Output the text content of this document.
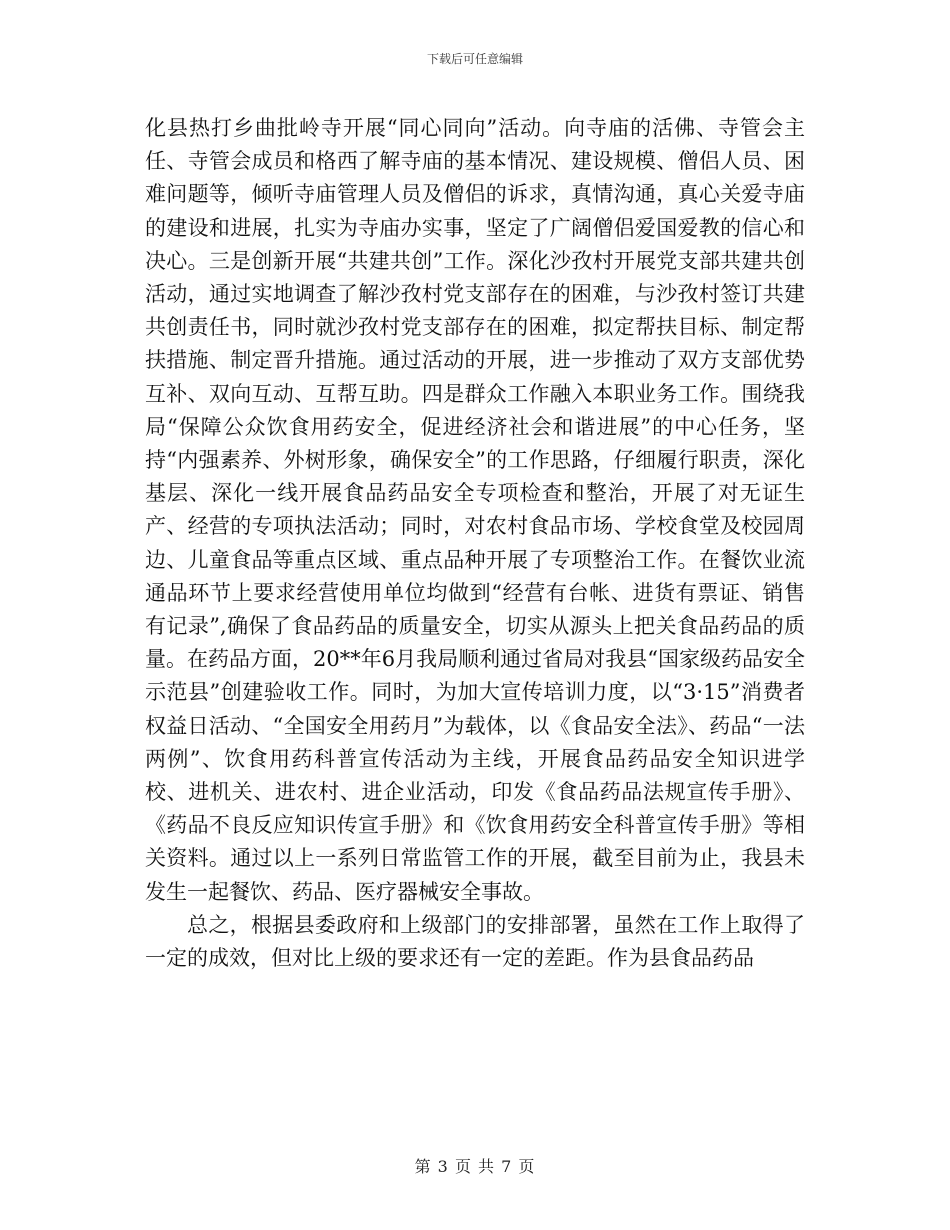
下载后可任意编辑

化县热打乡曲批岭寺开展“同心同向”活动。向寺庙的活佛、寺管会主任、寺管会成员和格西了解寺庙的基本情况、建设规模、僧侣人员、困难问题等，倾听寺庙管理人员及僧侣的诉求，真情沟通，真心关爱寺庙的建设和进展，扎实为寺庙办实事，坚定了广阔僧侣爱国爱教的信心和决心。三是创新开展“共建共创”工作。深化沙孜村开展党支部共建共创活动，通过实地调查了解沙孜村党支部存在的困难，与沙孜村签订共建共创责任书，同时就沙孜村党支部存在的困难，拟定帮扶目标、制定帮扶措施、制定晋升措施。通过活动的开展，进一步推动了双方支部优势互补、双向互动、互帮互助。四是群众工作融入本职业务工作。围绕我局“保障公众饮食用药安全，促进经济社会和谐进展”的中心任务，坚持“内强素养、外树形象，确保安全”的工作思路，仔细履行职责，深化基层、深化一线开展食品药品安全专项检查和整治，开展了对无证生产、经营的专项执法活动；同时，对农村食品市场、学校食堂及校园周边、儿童食品等重点区域、重点品种开展了专项整治工作。在餐饮业流通品环节上要求经营使用单位均做到“经营有台帐、进货有票证、销售有记录”,确保了食品药品的质量安全，切实从源头上把关食品药品的质量。在药品方面，20**年6月我局顺利通过省局对我县“国家级药品安全示范县”创建验收工作。同时，为加大宣传培训力度，以“3·15”消费者权益日活动、“全国安全用药月”为载体，以《食品安全法》、药品“一法两例”、饮食用药科普宣传活动为主线，开展食品药品安全知识进学校、进机关、进农村、进企业活动，印发《食品药品法规宣传手册》、《药品不良反应知识传宣手册》和《饮食用药安全科普宣传手册》等相关资料。通过以上一系列日常监管工作的开展，截至目前为止，我县未发生一起餐饮、药品、医疗器械安全事故。

总之，根据县委政府和上级部门的安排部署，虽然在工作上取得了一定的成效，但对比上级的要求还有一定的差距。作为县食品药品

第 3 页 共 7 页
